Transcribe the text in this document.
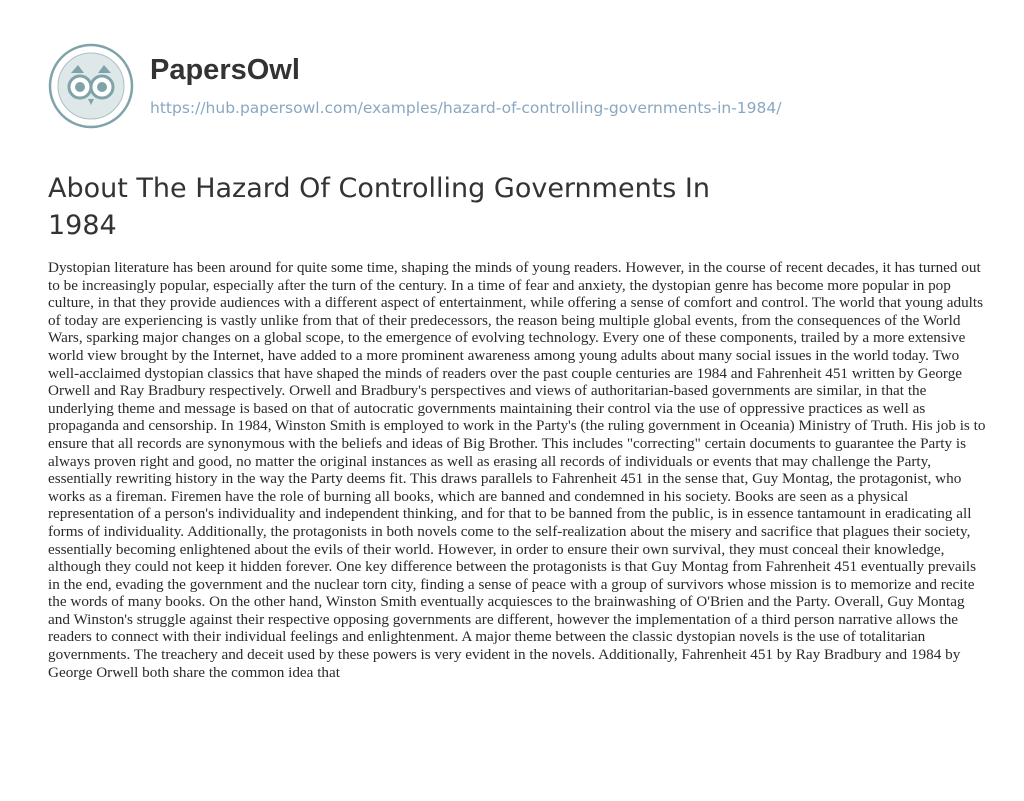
PapersOwl
https://hub.papersowl.com/examples/hazard-of-controlling-governments-in-1984/
About The Hazard Of Controlling Governments In 1984

Dystopian literature has been around for quite some time, shaping the minds of young readers. However, in the course of recent decades, it has turned out to be increasingly popular, especially after the turn of the century. In a time of fear and anxiety, the dystopian genre has become more popular in pop culture, in that they provide audiences with a different aspect of entertainment, while offering a sense of comfort and control. The world that young adults of today are experiencing is vastly unlike from that of their predecessors, the reason being multiple global events, from the consequences of the World Wars, sparking major changes on a global scope, to the emergence of evolving technology. Every one of these components, trailed by a more extensive world view brought by the Internet, have added to a more prominent awareness among young adults about many social issues in the world today. Two well-acclaimed dystopian classics that have shaped the minds of readers over the past couple centuries are 1984 and Fahrenheit 451 written by George Orwell and Ray Bradbury respectively. Orwell and Bradbury's perspectives and views of authoritarian-based governments are similar, in that the underlying theme and message is based on that of autocratic governments maintaining their control via the use of oppressive practices as well as propaganda and censorship. In 1984, Winston Smith is employed to work in the Party's (the ruling government in Oceania) Ministry of Truth. His job is to ensure that all records are synonymous with the beliefs and ideas of Big Brother. This includes "correcting" certain documents to guarantee the Party is always proven right and good, no matter the original instances as well as erasing all records of individuals or events that may challenge the Party, essentially rewriting history in the way the Party deems fit. This draws parallels to Fahrenheit 451 in the sense that, Guy Montag, the protagonist, who works as a fireman. Firemen have the role of burning all books, which are banned and condemned in his society. Books are seen as a physical representation of a person's individuality and independent thinking, and for that to be banned from the public, is in essence tantamount in eradicating all forms of individuality. Additionally, the protagonists in both novels come to the self-realization about the misery and sacrifice that plagues their society, essentially becoming enlightened about the evils of their world. However, in order to ensure their own survival, they must conceal their knowledge, although they could not keep it hidden forever. One key difference between the protagonists is that Guy Montag from Fahrenheit 451 eventually prevails in the end, evading the government and the nuclear torn city, finding a sense of peace with a group of survivors whose mission is to memorize and recite the words of many books. On the other hand, Winston Smith eventually acquiesces to the brainwashing of O'Brien and the Party. Overall, Guy Montag and Winston's struggle against their respective opposing governments are different, however the implementation of a third person narrative allows the readers to connect with their individual feelings and enlightenment. A major theme between the classic dystopian novels is the use of totalitarian governments. The treachery and deceit used by these powers is very evident in the novels. Additionally, Fahrenheit 451 by Ray Bradbury and 1984 by George Orwell both share the common idea that
